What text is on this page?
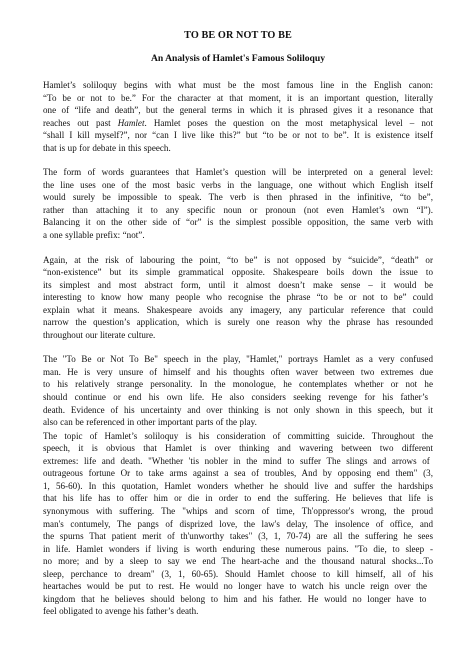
TO BE OR NOT TO BE
An Analysis of Hamlet's Famous Soliloquy
Hamlet’s soliloquy begins with what must be the most famous line in the English canon:
“To be or not to be.” For the character at that moment, it is an important question, literally
one of “life and death”, but the general terms in which it is phrased gives it a resonance that
reaches out past Hamlet. Hamlet poses the question on the most metaphysical level – not
“shall I kill myself?”, nor “can I live like this?” but “to be or not to be”. It is existence itself
that is up for debate in this speech.
The form of words guarantees that Hamlet’s question will be interpreted on a general level:
the line uses one of the most basic verbs in the language, one without which English itself
would surely be impossible to speak. The verb is then phrased in the infinitive, “to be”,
rather than attaching it to any specific noun or pronoun (not even Hamlet’s own “I”).
Balancing it on the other side of “or” is the simplest possible opposition, the same verb with
a one syllable prefix: “not”.
Again, at the risk of labouring the point, “to be” is not opposed by “suicide”, “death” or
“non-existence” but its simple grammatical opposite. Shakespeare boils down the issue to
its simplest and most abstract form, until it almost doesn’t make sense – it would be
interesting to know how many people who recognise the phrase “to be or not to be” could
explain what it means. Shakespeare avoids any imagery, any particular reference that could
narrow the question’s application, which is surely one reason why the phrase has resounded
throughout our literate culture.
The "To Be or Not To Be" speech in the play, "Hamlet," portrays Hamlet as a very confused
man. He is very unsure of himself and his thoughts often waver between two extremes due
to his relatively strange personality. In the monologue, he contemplates whether or not he
should continue or end his own life. He also considers seeking revenge for his father’s
death. Evidence of his uncertainty and over thinking is not only shown in this speech, but it
also can be referenced in other important parts of the play.
The topic of Hamlet’s soliloquy is his consideration of committing suicide. Throughout the
speech, it is obvious that Hamlet is over thinking and wavering between two different
extremes: life and death. "Whether 'tis nobler in the mind to suffer The slings and arrows of
outrageous fortune Or to take arms against a sea of troubles, And by opposing end them" (3,
1, 56-60). In this quotation, Hamlet wonders whether he should live and suffer the hardships
that his life has to offer him or die in order to end the suffering. He believes that life is
synonymous with suffering. The "whips and scorn of time, Th'oppressor's wrong, the proud
man's contumely, The pangs of disprized love, the law's delay, The insolence of office, and
the spurns That patient merit of th'unworthy takes" (3, 1, 70-74) are all the suffering he sees
in life. Hamlet wonders if living is worth enduring these numerous pains. "To die, to sleep -
no more; and by a sleep to say we end The heart-ache and the thousand natural shocks...To
sleep, perchance to dream" (3, 1, 60-65). Should Hamlet choose to kill himself, all of his
heartaches would be put to rest. He would no longer have to watch his uncle reign over the
kingdom that he believes should belong to him and his father. He would no longer have to
feel obligated to avenge his father’s death.
